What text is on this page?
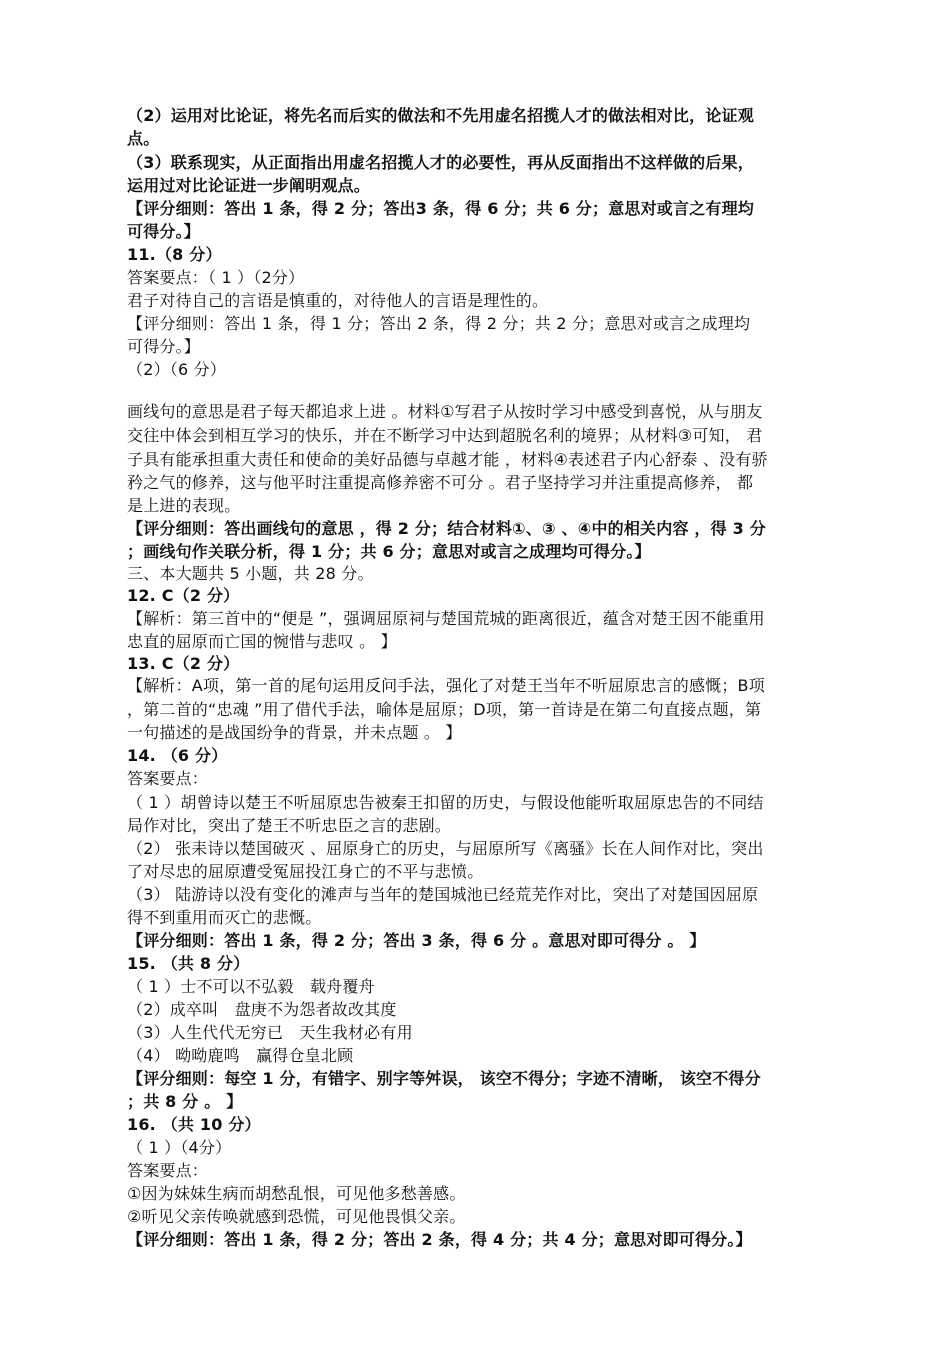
（2）运用对比论证，将先名而后实的做法和不先用虚名招揽人才的做法相对比，论证观
点。
（3）联系现实，从正面指出用虚名招揽人才的必要性，再从反面指出不这样做的后果，
运用过对比论证进一步阐明观点。
【评分细则：答出 1 条，得 2 分；答出3 条，得 6 分；共 6 分；意思对或言之有理均
可得分。】
11.（8 分）
答案要点：（ 1 ）（2分）
君子对待自己的言语是慎重的，对待他人的言语是理性的。
【评分细则：答出 1 条，得 1 分；答出 2 条，得 2 分；共 2 分；意思对或言之成理均
可得分。】
（2）（6 分）
画线句的意思是君子每天都追求上进 。材料①写君子从按时学习中感受到喜悦，从与朋友
交往中体会到相互学习的快乐，并在不断学习中达到超脱名利的境界；从材料③可知， 君
子具有能承担重大责任和使命的美好品德与卓越才能 ，材料④表述君子内心舒泰 、没有骄
矜之气的修养，这与他平时注重提高修养密不可分 。君子坚持学习并注重提高修养， 都
是上进的表现。
【评分细则：答出画线句的意思 ，得 2 分；结合材料①、③ 、④中的相关内容 ，得 3 分
；画线句作关联分析，得 1 分；共 6 分；意思对或言之成理均可得分。】
三、本大题共 5 小题，共 28 分。
12. C（2 分）
【解析：第三首中的“便是 ”，强调屈原祠与楚国荒城的距离很近，蕴含对楚王因不能重用
忠直的屈原而亡国的惋惜与悲叹 。 】
13. C（2 分）
【解析：A项，第一首的尾句运用反问手法，强化了对楚王当年不听屈原忠言的感慨；B项
，第二首的“忠魂 ”用了借代手法，喻体是屈原；D项，第一首诗是在第二句直接点题，第
一句描述的是战国纷争的背景，并未点题 。 】
14. （6 分）
答案要点：
（ 1 ）胡曾诗以楚王不听屈原忠告被秦王扣留的历史，与假设他能听取屈原忠告的不同结
局作对比，突出了楚王不听忠臣之言的悲剧。
（2） 张耒诗以楚国破灭 、屈原身亡的历史，与屈原所写《离骚》长在人间作对比，突出
了对尽忠的屈原遭受冤屈投江身亡的不平与悲愤。
（3） 陆游诗以没有变化的滩声与当年的楚国城池已经荒芜作对比，突出了对楚国因屈原
得不到重用而灭亡的悲慨。
【评分细则：答出 1 条，得 2 分；答出 3 条，得 6 分 。意思对即可得分 。 】
15. （共 8 分）
（ 1 ）士不可以不弘毅　载舟覆舟
（2）成卒叫　盘庚不为怨者故改其度
（3）人生代代无穷已　天生我材必有用
（4） 呦呦鹿鸣　赢得仓皇北顾
【评分细则：每空 1 分，有错字、别字等舛误， 该空不得分；字迹不清晰， 该空不得分
；共 8 分 。 】
16. （共 10 分）
（ 1 ）（4分）
答案要点：
①因为妹妹生病而胡愁乱恨，可见他多愁善感。
②听见父亲传唤就感到恐慌，可见他畏惧父亲。
【评分细则：答出 1 条，得 2 分；答出 2 条，得 4 分；共 4 分；意思对即可得分。】
